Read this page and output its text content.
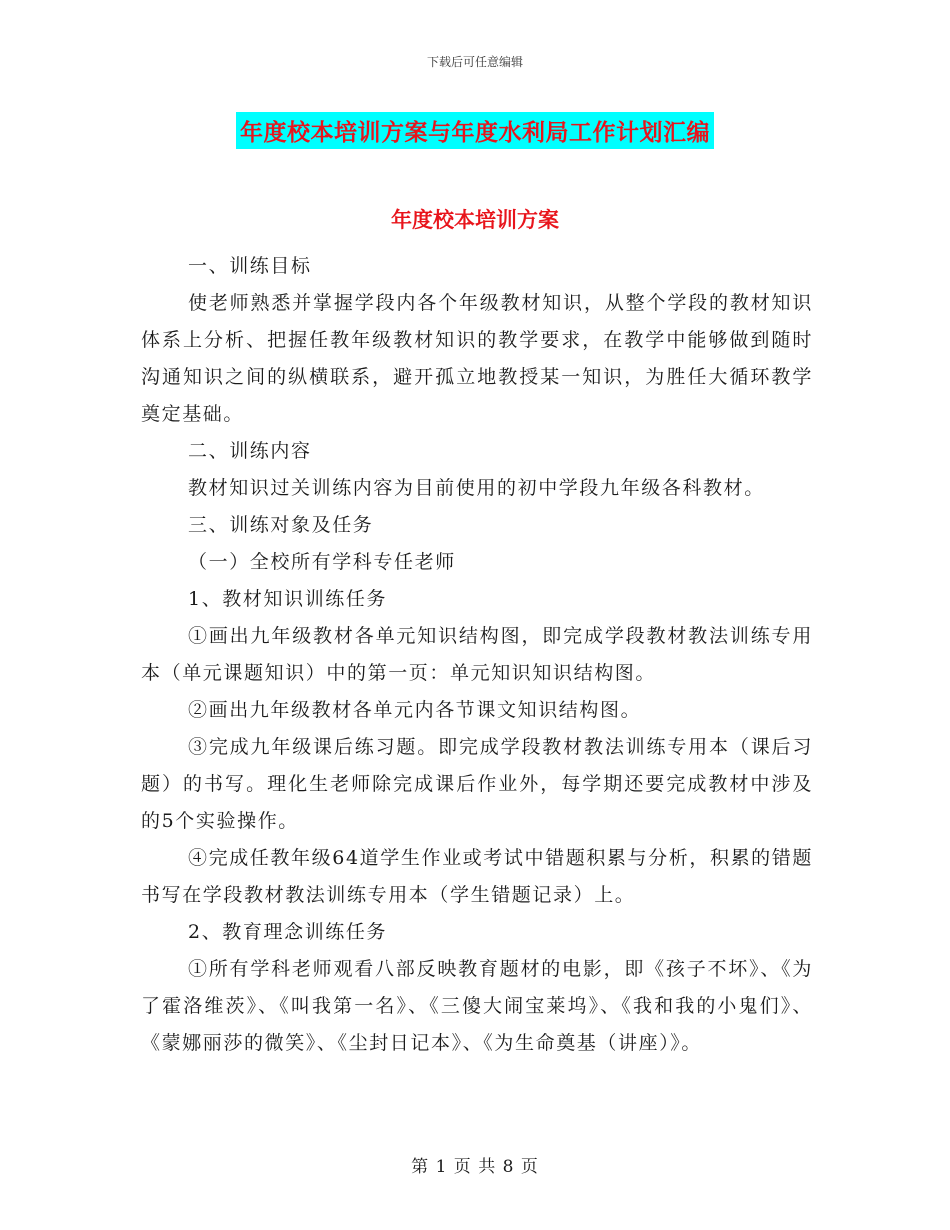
下载后可任意编辑
年度校本培训方案与年度水利局工作计划汇编
年度校本培训方案

一、训练目标

使老师熟悉并掌握学段内各个年级教材知识，从整个学段的教材知识体系上分析、把握任教年级教材知识的教学要求，在教学中能够做到随时沟通知识之间的纵横联系，避开孤立地教授某一知识，为胜任大循环教学奠定基础。

二、训练内容

教材知识过关训练内容为目前使用的初中学段九年级各科教材。

三、训练对象及任务

（一）全校所有学科专任老师

1、教材知识训练任务

①画出九年级教材各单元知识结构图，即完成学段教材教法训练专用本（单元课题知识）中的第一页：单元知识知识结构图。

②画出九年级教材各单元内各节课文知识结构图。

③完成九年级课后练习题。即完成学段教材教法训练专用本（课后习题）的书写。理化生老师除完成课后作业外，每学期还要完成教材中涉及的5个实验操作。

④完成任教年级64道学生作业或考试中错题积累与分析，积累的错题书写在学段教材教法训练专用本（学生错题记录）上。

2、教育理念训练任务

①所有学科老师观看八部反映教育题材的电影，即《孩子不坏》、《为了霍洛维茨》、《叫我第一名》、《三傻大闹宝莱坞》、《我和我的小鬼们》、《蒙娜丽莎的微笑》、《尘封日记本》、《为生命奠基（讲座）》。

第 1 页 共 8 页
